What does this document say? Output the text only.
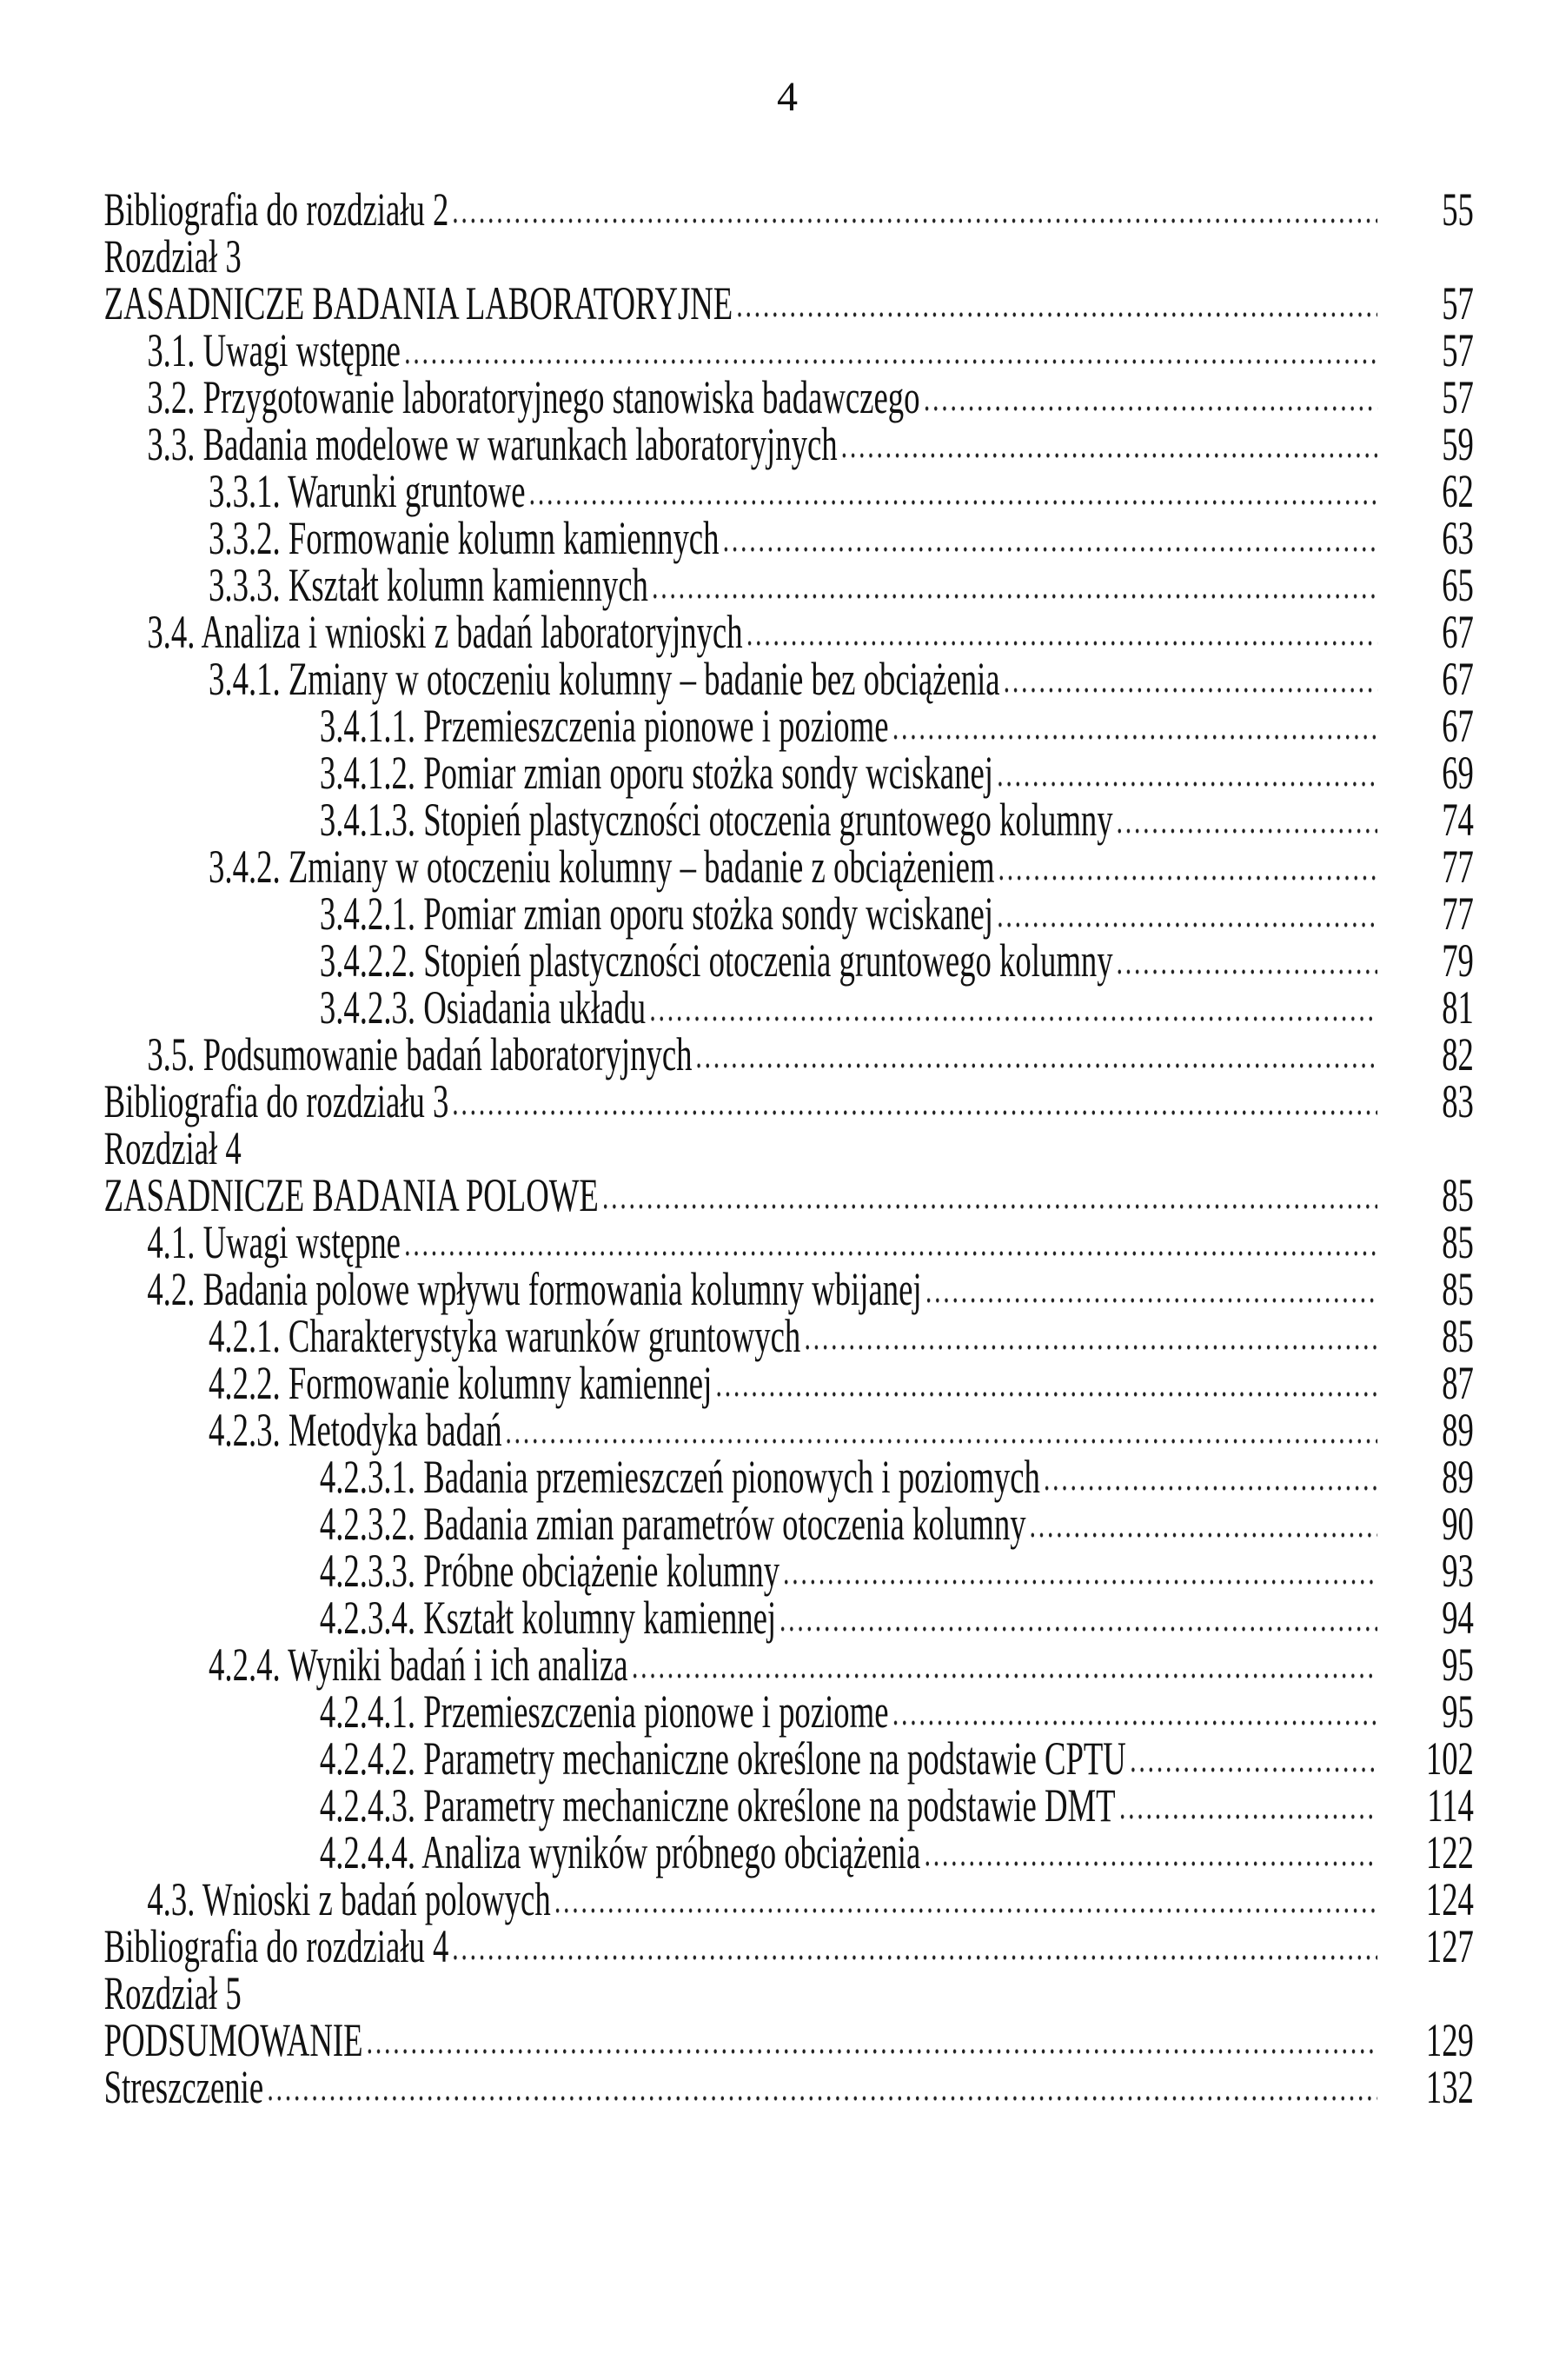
4
Bibliografia do rozdziału 2	55
Rozdział 3
ZASADNICZE BADANIA LABORATORYJNE	57
3.1. Uwagi wstępne	57
3.2. Przygotowanie laboratoryjnego stanowiska badawczego	57
3.3. Badania modelowe w warunkach laboratoryjnych	59
3.3.1. Warunki gruntowe	62
3.3.2. Formowanie kolumn kamiennych	63
3.3.3. Kształt kolumn kamiennych	65
3.4. Analiza i wnioski z badań laboratoryjnych	67
3.4.1. Zmiany w otoczeniu kolumny – badanie bez obciążenia	67
3.4.1.1. Przemieszczenia pionowe i poziome	67
3.4.1.2. Pomiar zmian oporu stożka sondy wciskanej	69
3.4.1.3. Stopień plastyczności otoczenia gruntowego kolumny	74
3.4.2. Zmiany w otoczeniu kolumny – badanie z obciążeniem	77
3.4.2.1. Pomiar zmian oporu stożka sondy wciskanej	77
3.4.2.2. Stopień plastyczności otoczenia gruntowego kolumny	79
3.4.2.3. Osiadania układu	81
3.5. Podsumowanie badań laboratoryjnych	82
Bibliografia do rozdziału 3	83
Rozdział 4
ZASADNICZE BADANIA POLOWE	85
4.1. Uwagi wstępne	85
4.2. Badania polowe wpływu formowania kolumny wbijanej	85
4.2.1. Charakterystyka warunków gruntowych	85
4.2.2. Formowanie kolumny kamiennej	87
4.2.3. Metodyka badań	89
4.2.3.1. Badania przemieszczeń pionowych i poziomych	89
4.2.3.2. Badania zmian parametrów otoczenia kolumny	90
4.2.3.3. Próbne obciążenie kolumny	93
4.2.3.4. Kształt kolumny kamiennej	94
4.2.4. Wyniki badań i ich analiza	95
4.2.4.1. Przemieszczenia pionowe i poziome	95
4.2.4.2. Parametry mechaniczne określone na podstawie CPTU	102
4.2.4.3. Parametry mechaniczne określone na podstawie DMT	114
4.2.4.4. Analiza wyników próbnego obciążenia	122
4.3. Wnioski z badań polowych	124
Bibliografia do rozdziału 4	127
Rozdział 5
PODSUMOWANIE	129
Streszczenie	132
